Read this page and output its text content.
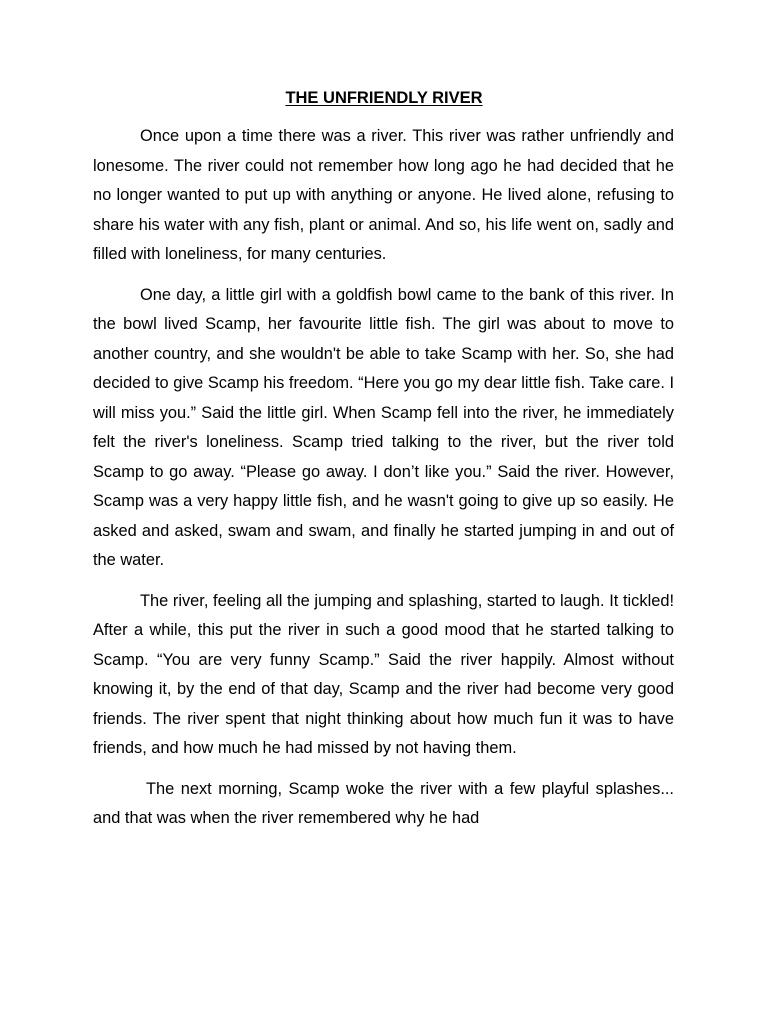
THE UNFRIENDLY RIVER

Once upon a time there was a river. This river was rather unfriendly and lonesome. The river could not remember how long ago he had decided that he no longer wanted to put up with anything or anyone. He lived alone, refusing to share his water with any fish, plant or animal. And so, his life went on, sadly and filled with loneliness, for many centuries.

One day, a little girl with a goldfish bowl came to the bank of this river. In the bowl lived Scamp, her favourite little fish. The girl was about to move to another country, and she wouldn't be able to take Scamp with her. So, she had decided to give Scamp his freedom. “Here you go my dear little fish. Take care. I will miss you.” Said the little girl. When Scamp fell into the river, he immediately felt the river's loneliness. Scamp tried talking to the river, but the river told Scamp to go away. “Please go away. I don’t like you.” Said the river. However, Scamp was a very happy little fish, and he wasn't going to give up so easily. He asked and asked, swam and swam, and finally he started jumping in and out of the water.

The river, feeling all the jumping and splashing, started to laugh. It tickled! After a while, this put the river in such a good mood that he started talking to Scamp. “You are very funny Scamp.” Said the river happily. Almost without knowing it, by the end of that day, Scamp and the river had become very good friends. The river spent that night thinking about how much fun it was to have friends, and how much he had missed by not having them.

The next morning, Scamp woke the river with a few playful splashes... and that was when the river remembered why he had
